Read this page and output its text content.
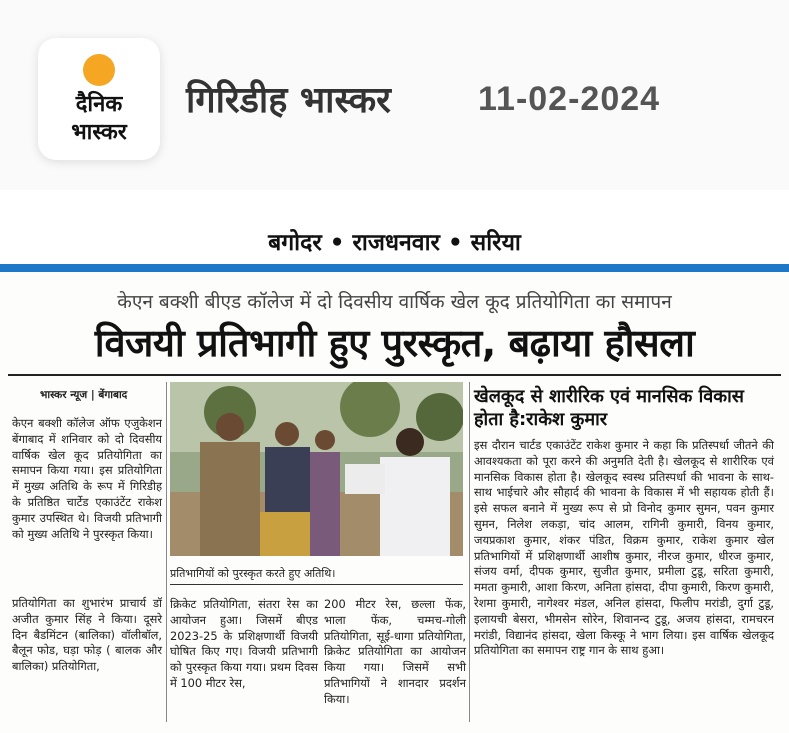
दैनिक
भास्कर
गिरिडीह भास्कर	11-02-2024
बगोदर • राजधनवार • सरिया
केएन बक्शी बीएड कॉलेज में दो दिवसीय वार्षिक खेल कूद प्रतियोगिता का समापन
विजयी प्रतिभागी हुए पुरस्कृत, बढ़ाया हौसला
भास्कर न्यूज | बेंगाबाद
केएन बक्शी कॉलेज ऑफ एजुकेशन बेंगाबाद में शनिवार को दो दिवसीय वार्षिक खेल कूद प्रतियोगिता का समापन किया गया। इस प्रतियोगिता में मुख्य अतिथि के रूप में गिरिडीह के प्रतिष्ठित चार्टेड एकाउंटेंट राकेश कुमार उपस्थित थे। विजयी प्रतिभागी को मुख्य अतिथि ने पुरस्कृत किया।
प्रतियोगिता का शुभारंभ प्राचार्य डॉ अजीत कुमार सिंह ने किया। दूसरे दिन बैडमिंटन (बालिका) वॉलीबॉल, बैलून फोड, घड़ा फोड़ ( बालक और बालिका) प्रतियोगिता,
प्रतिभागियों को पुरस्कृत करते हुए अतिथि।
क्रिकेट प्रतियोगिता, संतरा रेस का आयोजन हुआ। जिसमें बीएड 2023-25 के प्रशिक्षणार्थी विजयी घोषित किए गए। विजयी प्रतिभागी को पुरस्कृत किया गया। प्रथम दिवस में 100 मीटर रेस,
200 मीटर रेस, छल्ला फेंक, भाला फेंक, चम्मच-गोली प्रतियोगिता, सूई-धागा प्रतियोगिता, क्रिकेट प्रतियोगिता का आयोजन किया गया। जिसमें सभी प्रतिभागियों ने शानदार प्रदर्शन किया।
खेलकूद से शारीरिक एवं मानसिक विकास होता है:राकेश कुमार
इस दौरान चार्टड एकाउंटेंट राकेश कुमार ने कहा कि प्रतिस्पर्धा जीतने की आवश्यकता को पूरा करने की अनुमति देती है। खेलकूद से शारीरिक एवं मानसिक विकास होता है। खेलकूद स्वस्थ प्रतिस्पर्धा की भावना के साथ-साथ भाईचारे और सौहार्द की भावना के विकास में भी सहायक होती हैं। इसे सफल बनाने में मुख्य रूप से प्रो विनोद कुमार सुमन, पवन कुमार सुमन, निलेश लकड़ा, चांद आलम, रागिनी कुमारी, विनय कुमार, जयप्रकाश कुमार, शंकर पंडित, विक्रम कुमार, राकेश कुमार खेल प्रतिभागियों में प्रशिक्षणार्थी आशीष कुमार, नीरज कुमार, धीरज कुमार, संजय वर्मा, दीपक कुमार, सुजीत कुमार, प्रमीला टुडू, सरिता कुमारी, ममता कुमारी, आशा किरण, अनिता हांसदा, दीपा कुमारी, किरण कुमारी, रेशमा कुमारी, नागेश्वर मंडल, अनिल हांसदा, फिलीप मरांडी, दुर्गा टुडू, इलायची बेसरा, भीमसेन सोरेन, शिवानन्द टुडू, अजय हांसदा, रामचरन मरांडी, विद्यानंद हांसदा, खेला किस्कू ने भाग लिया। इस वार्षिक खेलकूद प्रतियोगिता का समापन राष्ट्र गान के साथ हुआ।
